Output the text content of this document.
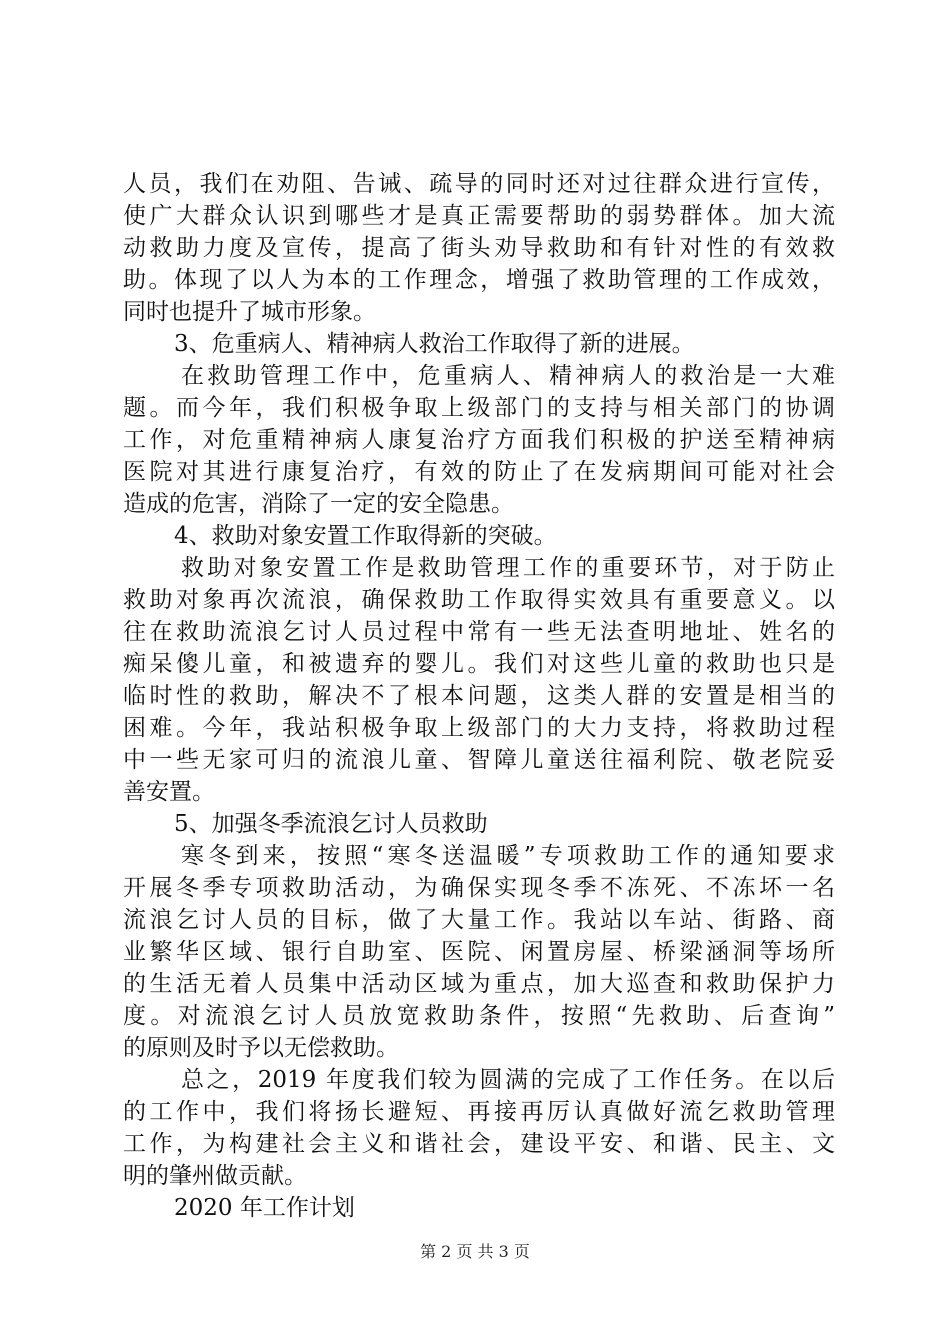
人员，我们在劝阻、告诫、疏导的同时还对过往群众进行宣传，
使广大群众认识到哪些才是真正需要帮助的弱势群体。加大流
动救助力度及宣传，提高了街头劝导救助和有针对性的有效救
助。体现了以人为本的工作理念，增强了救助管理的工作成效，
同时也提升了城市形象。
3、危重病人、精神病人救治工作取得了新的进展。
在救助管理工作中，危重病人、精神病人的救治是一大难
题。而今年，我们积极争取上级部门的支持与相关部门的协调
工作，对危重精神病人康复治疗方面我们积极的护送至精神病
医院对其进行康复治疗，有效的防止了在发病期间可能对社会
造成的危害，消除了一定的安全隐患。
4、救助对象安置工作取得新的突破。
救助对象安置工作是救助管理工作的重要环节，对于防止
救助对象再次流浪，确保救助工作取得实效具有重要意义。以
往在救助流浪乞讨人员过程中常有一些无法查明地址、姓名的
痴呆傻儿童，和被遗弃的婴儿。我们对这些儿童的救助也只是
临时性的救助，解决不了根本问题，这类人群的安置是相当的
困难。今年，我站积极争取上级部门的大力支持，将救助过程
中一些无家可归的流浪儿童、智障儿童送往福利院、敬老院妥
善安置。
5、加强冬季流浪乞讨人员救助
寒冬到来，按照“寒冬送温暖”专项救助工作的通知要求
开展冬季专项救助活动，为确保实现冬季不冻死、不冻坏一名
流浪乞讨人员的目标，做了大量工作。我站以车站、街路、商
业繁华区域、银行自助室、医院、闲置房屋、桥梁涵洞等场所
的生活无着人员集中活动区域为重点，加大巡查和救助保护力
度。对流浪乞讨人员放宽救助条件，按照“先救助、后查询”
的原则及时予以无偿救助。
总之，2019 年度我们较为圆满的完成了工作任务。在以后
的工作中，我们将扬长避短、再接再厉认真做好流乞救助管理
工作，为构建社会主义和谐社会，建设平安、和谐、民主、文
明的肇州做贡献。
2020 年工作计划
第 2 页 共 3 页
